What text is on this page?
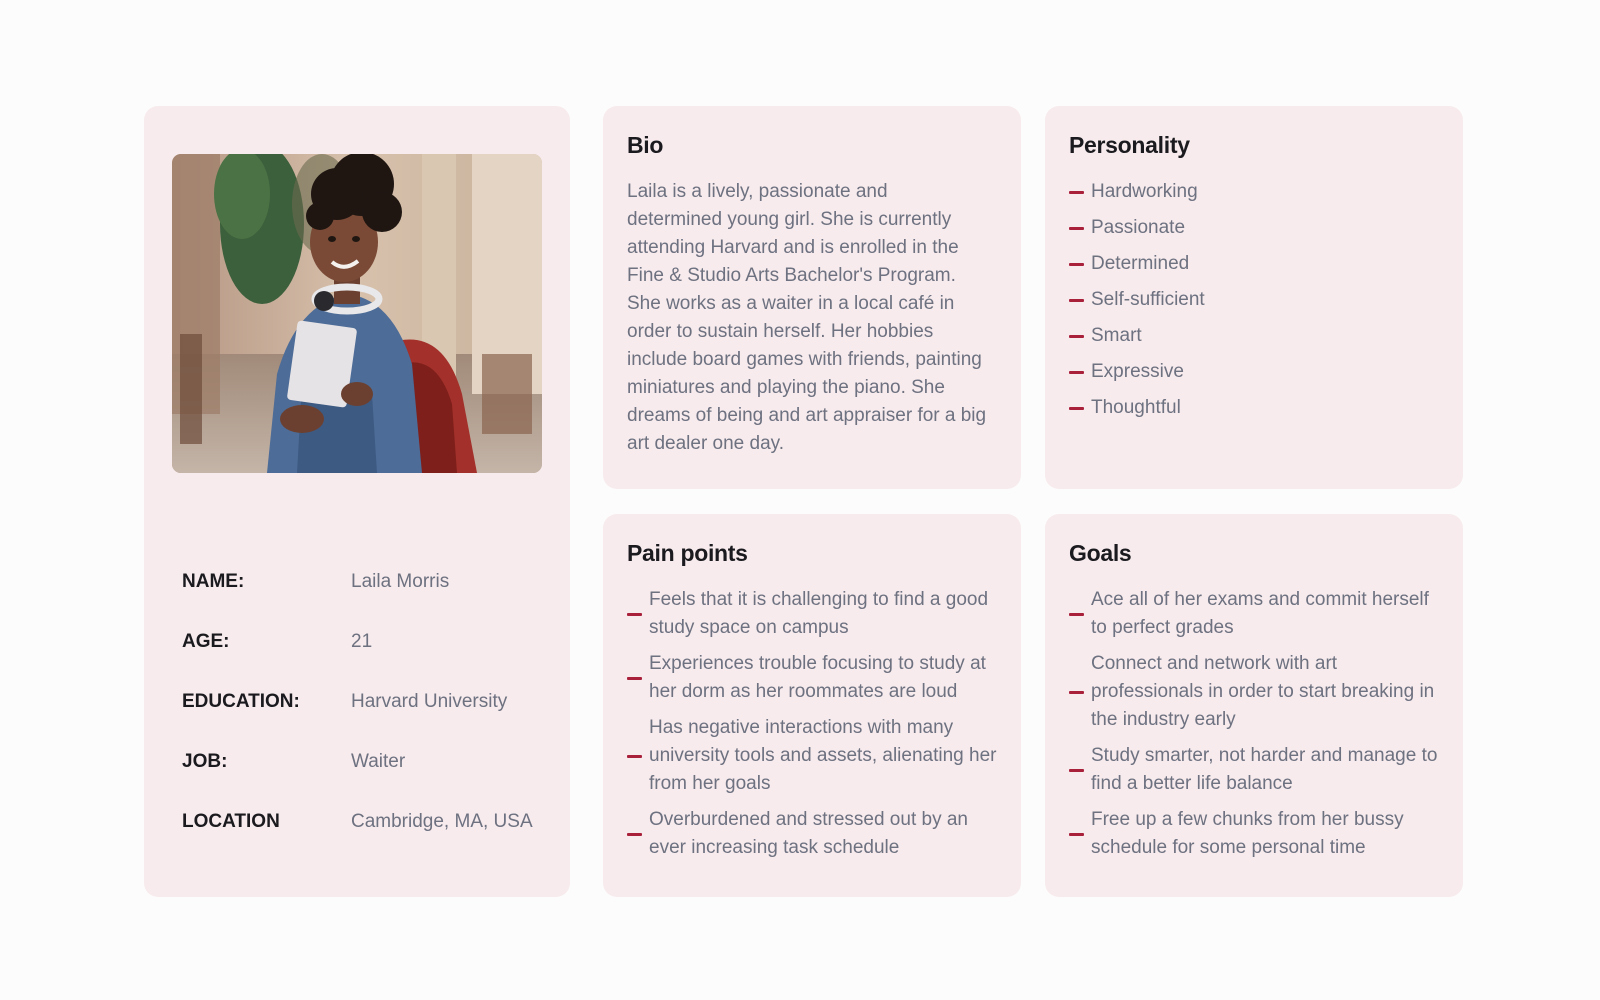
NAME:	Laila Morris
AGE:	21
EDUCATION:	Harvard University
JOB:	Waiter
LOCATION	Cambridge, MA, USA
Bio

Laila is a lively, passionate and determined young girl. She is currently attending Harvard and is enrolled in the Fine & Studio Arts Bachelor's Program. She works as a waiter in a local café in order to sustain herself. Her hobbies include board games with friends, painting miniatures and playing the piano. She dreams of being and art appraiser for a big art dealer one day.

Personality
Hardworking
Passionate
Determined
Self-sufficient
Smart
Expressive
Thoughtful
Pain points
Feels that it is challenging to find a good study space on campus
Experiences trouble focusing to study at her dorm as her roommates are loud
Has negative interactions with many university tools and assets, alienating her from her goals
Overburdened and stressed out by an ever increasing task schedule
Goals
Ace all of her exams and commit herself to perfect grades
Connect and network with art professionals in order to start breaking in the industry early
Study smarter, not harder and manage to find a better life balance
Free up a few chunks from her bussy schedule for some personal time
